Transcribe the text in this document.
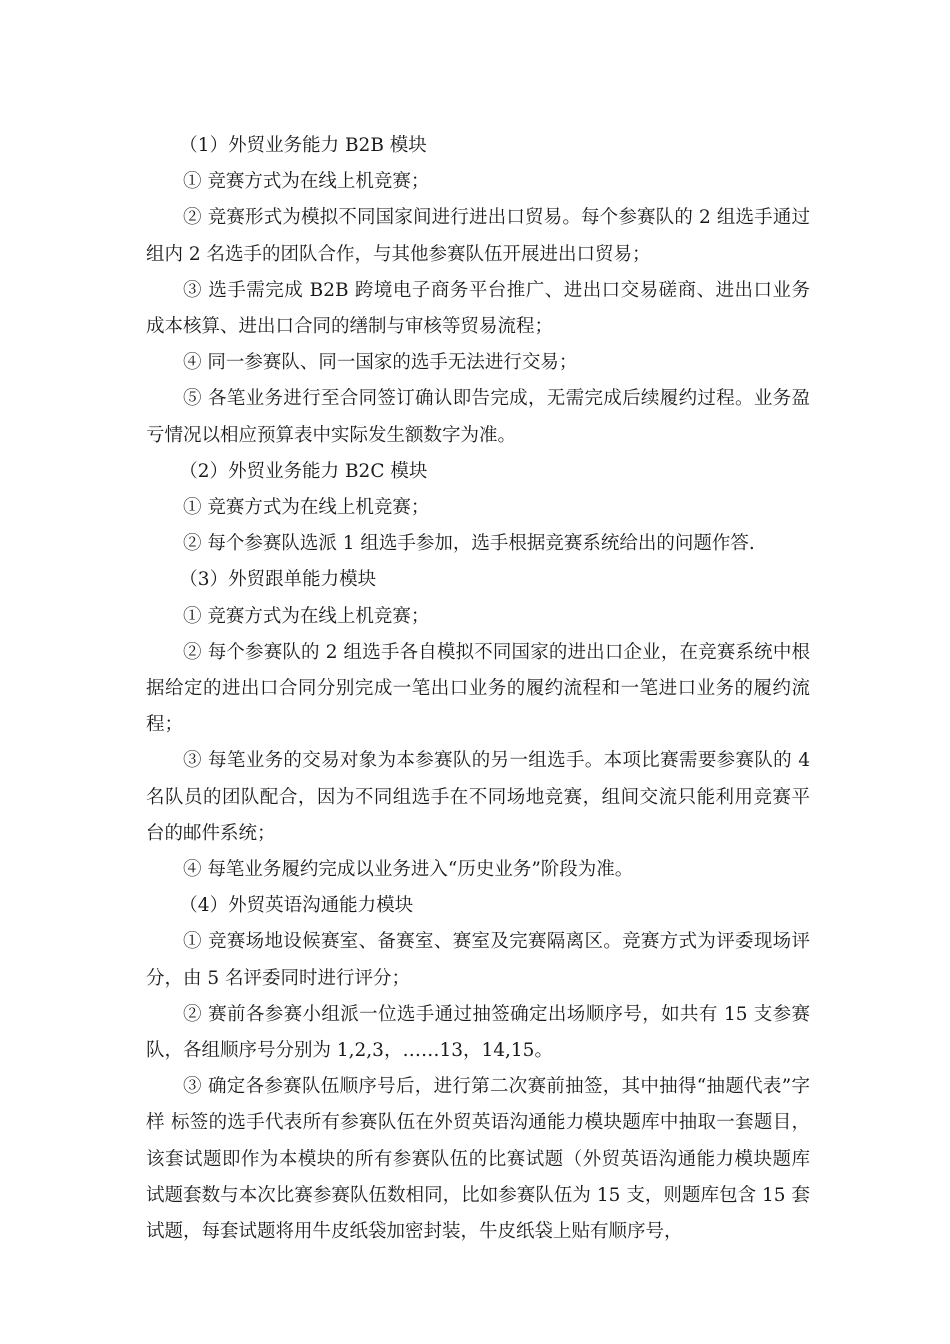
（1）外贸业务能力 B2B 模块

① 竞赛方式为在线上机竞赛；

② 竞赛形式为模拟不同国家间进行进出口贸易。每个参赛队的 2 组选手通过组内 2 名选手的团队合作，与其他参赛队伍开展进出口贸易；

③ 选手需完成 B2B 跨境电子商务平台推广、进出口交易磋商、进出口业务成本核算、进出口合同的缮制与审核等贸易流程；

④ 同一参赛队、同一国家的选手无法进行交易；

⑤ 各笔业务进行至合同签订确认即告完成，无需完成后续履约过程。业务盈亏情况以相应预算表中实际发生额数字为准。

（2）外贸业务能力 B2C 模块

① 竞赛方式为在线上机竞赛；

② 每个参赛队选派 1 组选手参加，选手根据竞赛系统给出的问题作答.

（3）外贸跟单能力模块

① 竞赛方式为在线上机竞赛；

② 每个参赛队的 2 组选手各自模拟不同国家的进出口企业，在竞赛系统中根据给定的进出口合同分别完成一笔出口业务的履约流程和一笔进口业务的履约流程；

③ 每笔业务的交易对象为本参赛队的另一组选手。本项比赛需要参赛队的 4 名队员的团队配合，因为不同组选手在不同场地竞赛，组间交流只能利用竞赛平台的邮件系统；

④ 每笔业务履约完成以业务进入“历史业务”阶段为准。

（4）外贸英语沟通能力模块

① 竞赛场地设候赛室、备赛室、赛室及完赛隔离区。竞赛方式为评委现场评分，由 5 名评委同时进行评分；

② 赛前各参赛小组派一位选手通过抽签确定出场顺序号，如共有 15 支参赛队，各组顺序号分别为 1,2,3，……13，14,15。

③ 确定各参赛队伍顺序号后，进行第二次赛前抽签，其中抽得“抽题代表”字样 标签的选手代表所有参赛队伍在外贸英语沟通能力模块题库中抽取一套题目，该套试题即作为本模块的所有参赛队伍的比赛试题（外贸英语沟通能力模块题库试题套数与本次比赛参赛队伍数相同，比如参赛队伍为 15 支，则题库包含 15 套试题，每套试题将用牛皮纸袋加密封装，牛皮纸袋上贴有顺序号，
